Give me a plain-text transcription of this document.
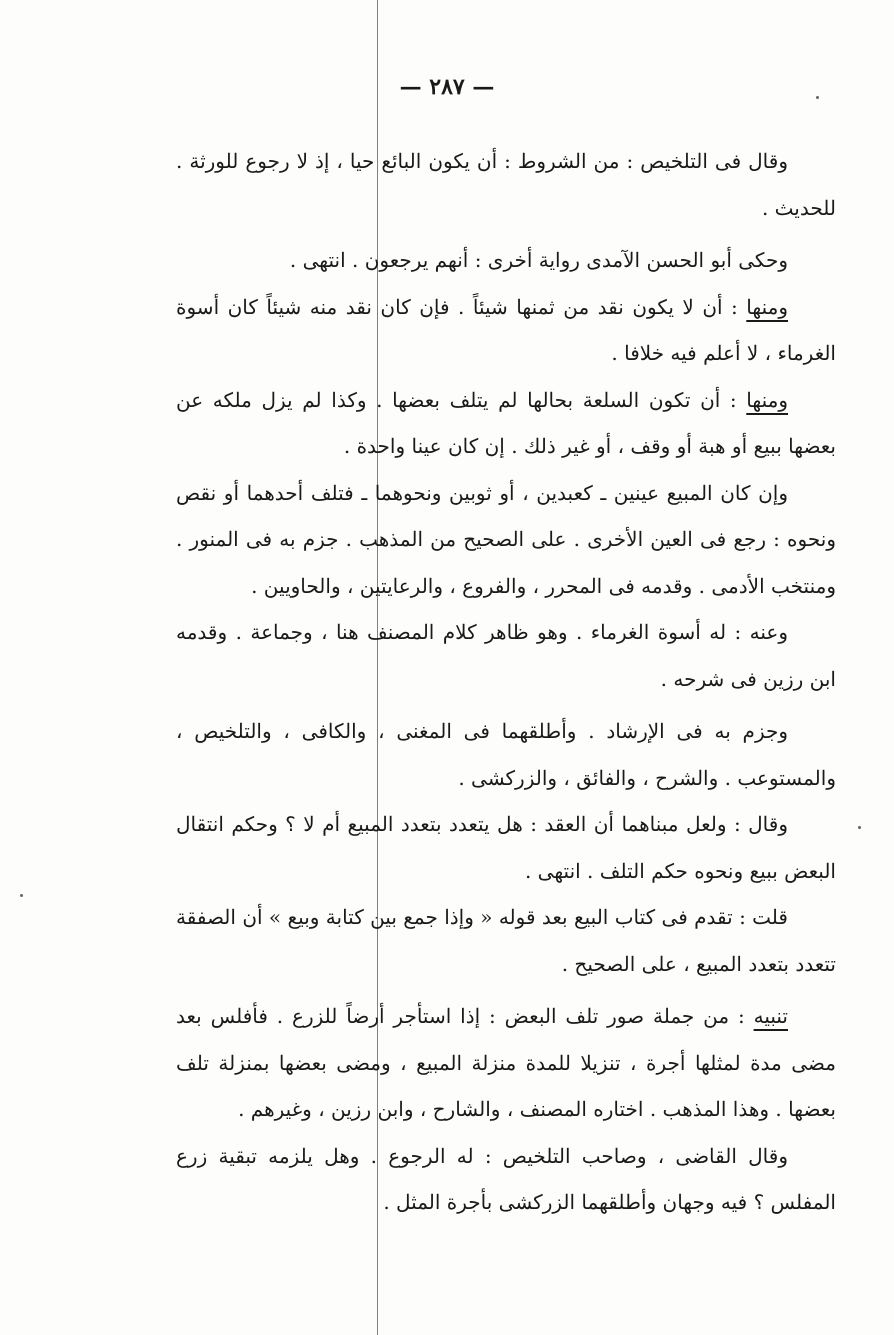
— ٢٨٧ —

وقال فى التلخيص : من الشروط : أن يكون البائع حيا ، إذ لا رجوع للورثة . للحديث .

وحكى أبو الحسن الآمدى رواية أخرى : أنهم يرجعون . انتهى .

ومنها : أن لا يكون نقد من ثمنها شيئاً . فإن كان نقد منه شيئاً كان أسوة الغرماء ، لا أعلم فيه خلافا .

ومنها : أن تكون السلعة بحالها لم يتلف بعضها . وكذا لم يزل ملكه عن بعضها ببيع أو هبة أو وقف ، أو غير ذلك . إن كان عينا واحدة .

وإن كان المبيع عينين ـ كعبدين ، أو ثوبين ونحوهما ـ فتلف أحدهما أو نقص ونحوه : رجع فى العين الأخرى . على الصحيح من المذهب . جزم به فى المنور . ومنتخب الأدمى . وقدمه فى المحرر ، والفروع ، والرعايتين ، والحاويين .

وعنه : له أسوة الغرماء . وهو ظاهر كلام المصنف هنا ، وجماعة . وقدمه ابن رزين فى شرحه .

وجزم به فى الإرشاد . وأطلقهما فى المغنى ، والكافى ، والتلخيص ، والمستوعب . والشرح ، والفائق ، والزركشى .

وقال : ولعل مبناهما أن العقد : هل يتعدد بتعدد المبيع أم لا ؟ وحكم انتقال البعض ببيع ونحوه حكم التلف . انتهى .

قلت : تقدم فى كتاب البيع بعد قوله « وإذا جمع بين كتابة وبيع » أن الصفقة تتعدد بتعدد المبيع ، على الصحيح .

تنبيه : من جملة صور تلف البعض : إذا استأجر أرضاً للزرع . فأفلس بعد مضى مدة لمثلها أجرة ، تنزيلا للمدة منزلة المبيع ، ومضى بعضها بمنزلة تلف بعضها . وهذا المذهب . اختاره المصنف ، والشارح ، وابن رزين ، وغيرهم .

وقال القاضى ، وصاحب التلخيص : له الرجوع . وهل يلزمه تبقية زرع المفلس ؟ فيه وجهان وأطلقهما الزركشى بأجرة المثل .
